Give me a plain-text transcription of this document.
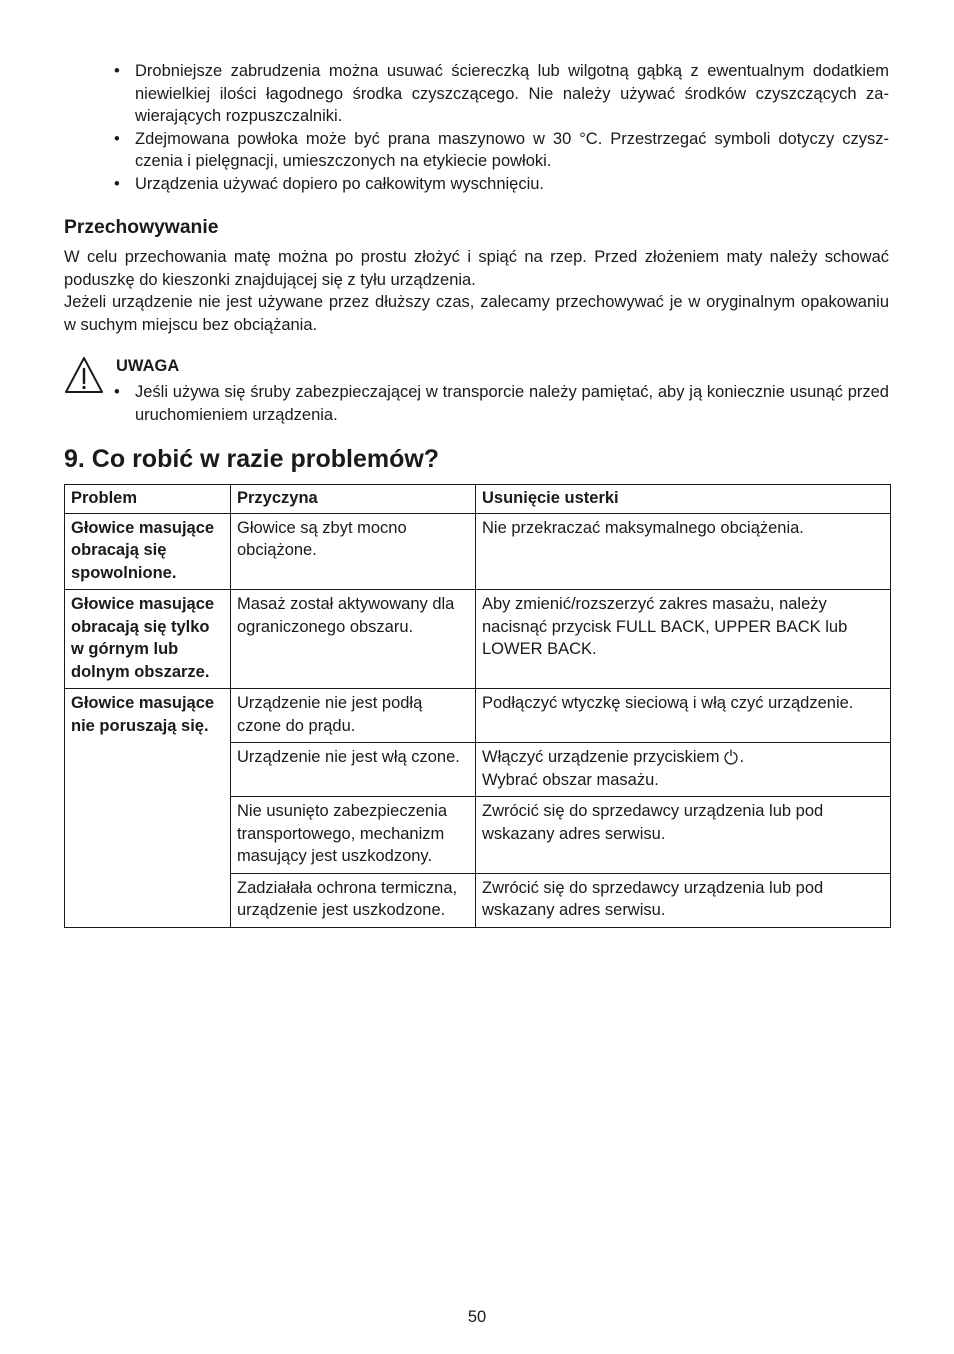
• Drobniejsze zabrudzenia można usuwać ściereczką lub wilgotną gąbką z ewentualnym dodatkiem niewielkiej ilości łagodnego środka czyszczącego. Nie należy używać środków czyszczących zawierających rozpuszczalniki.
• Zdejmowana powłoka może być prana maszynowo w 30 °C. Przestrzegać symboli dotyczy czyszczenia i pielęgnacji, umieszczonych na etykiecie powłoki.
• Urządzenia używać dopiero po całkowitym wyschnięciu.
Przechowywanie

W celu przechowania matę można po prostu złożyć i spiąć na rzep. Przed złożeniem maty należy schować poduszkę do kieszonki znajdującej się z tyłu urządzenia.

Jeżeli urządzenie nie jest używane przez dłuższy czas, zalecamy przechowywać je w oryginalnym opakowaniu w suchym miejscu bez obciążania.

UWAGA
• Jeśli używa się śruby zabezpieczającej w transporcie należy pamiętać, aby ją koniecznie usunąć przed uruchomieniem urządzenia.
9. Co robić w razie problemów?
Problem	Przyczyna	Usunięcie usterki
Głowice masujące obracają się spowolnione.	Głowice są zbyt mocno obciążone.	Nie przekraczać maksymalnego obciążenia.
Głowice masujące obracają się tylko w górnym lub dolnym obszarze.	Masaż został aktywowany dla ograniczonego obszaru.	Aby zmienić/rozszerzyć zakres masażu, należy nacisnąć przycisk FULL BACK, UPPER BACK lub LOWER BACK.
Głowice masujące nie poruszają się.	Urządzenie nie jest podłą czone do prądu.	Podłączyć wtyczkę sieciową i włą czyć urządzenie.
	Urządzenie nie jest włą czone.	Włączyć urządzenie przyciskiem .
Wybrać obszar masażu.
	Nie usunięto zabezpieczenia transportowego, mechanizm masujący jest uszkodzony.	Zwrócić się do sprzedawcy urządzenia lub pod wskazany adres serwisu.
	Zadziałała ochrona termiczna, urządzenie jest uszkodzone.	Zwrócić się do sprzedawcy urządzenia lub pod wskazany adres serwisu.

50
